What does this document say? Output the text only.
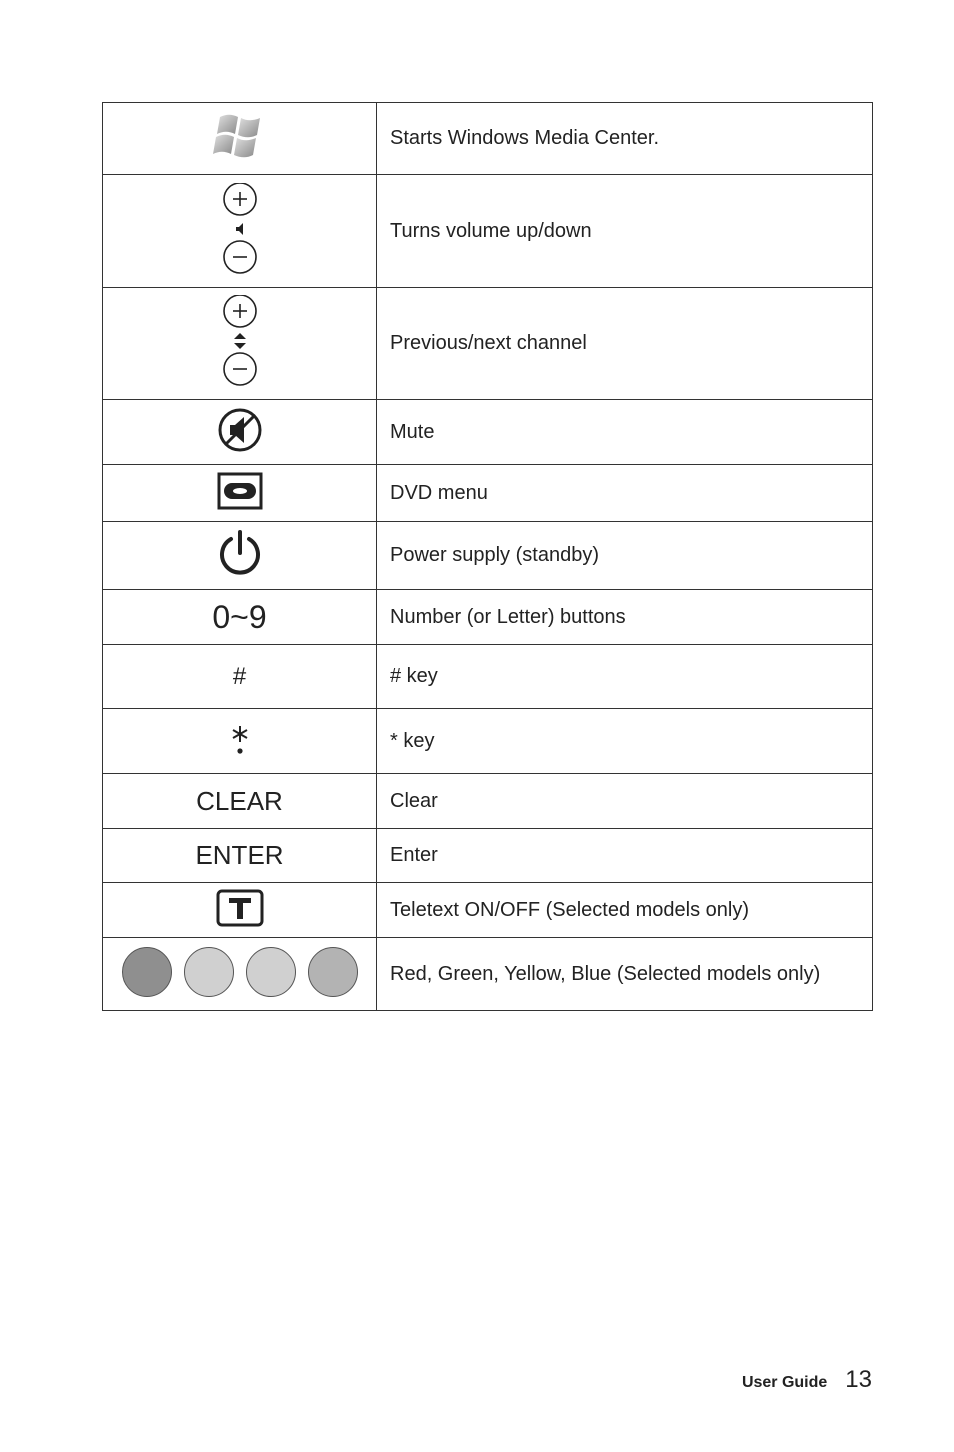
	Starts Windows Media Center.

	Turns volume up/down

	Previous/next channel

	Mute

	DVD menu

	Power supply (standby)
0~9	Number (or Letter) buttons
#	# key

	* key
CLEAR	Clear
ENTER	Enter

	Teletext ON/OFF (Selected models only)

	Red, Green, Yellow, Blue (Selected models only)
User Guide 13
